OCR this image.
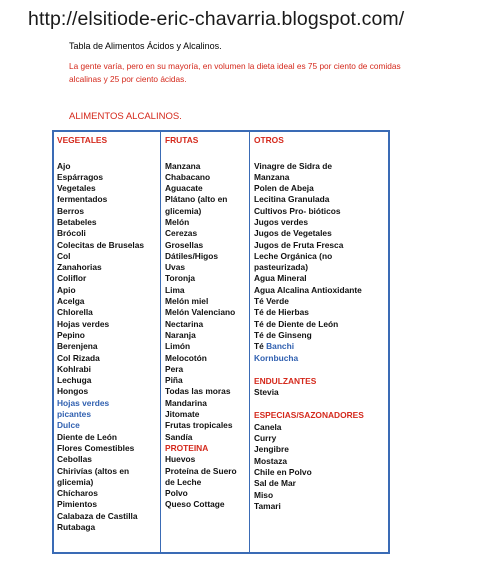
http://elsitiode-eric-chavarria.blogspot.com/
Tabla de Alimentos Ácidos y Alcalinos.
La gente varía, pero en su mayoría, en volumen la dieta ideal es 75 por ciento de comidas alcalinas y 25 por ciento ácidas.
ALIMENTOS ALCALINOS.
VEGETALES
Ajo
Espárragos
Vegetales
fermentados
Berros
Betabeles
Brócoli
Colecitas de Bruselas
Col
Zanahorias
Coliflor
Apio
Acelga
Chlorella
Hojas verdes
Pepino
Berenjena
Col Rizada
Kohlrabi
Lechuga
Hongos
Hojas verdes
picantes
Dulce
Diente de León
Flores Comestibles
Cebollas
Chirivías (altos en
glicemia)
Chícharos
Pimientos
Calabaza de Castilla
Rutabaga
FRUTAS
Manzana
Chabacano
Aguacate
Plátano (alto en
glicemia)
Melón
Cerezas
Grosellas
Dátiles/Higos
Uvas
Toronja
Lima
Melón miel
Melón Valenciano
Nectarina
Naranja
Limón
Melocotón
Pera
Piña
Todas las moras
Mandarina
Jitomate
Frutas tropicales
Sandía
PROTEINA
Huevos
Proteína de Suero
de Leche
Polvo
Queso Cottage
OTROS
Vinagre de Sidra de
Manzana
Polen de Abeja
Lecitina Granulada
Cultivos Pro- bióticos
Jugos verdes
Jugos de Vegetales
Jugos de Fruta Fresca
Leche Orgánica (no
pasteurizada)
Agua Mineral
Agua Alcalina Antioxidante
Té Verde
Té de Hierbas
Té de Diente de León
Té de Ginseng
Té Banchi
Kornbucha
ENDULZANTES
Stevia
ESPECIAS/SAZONADORES
Canela
Curry
Jengibre
Mostaza
Chile en Polvo
Sal de Mar
Miso
Tamari
